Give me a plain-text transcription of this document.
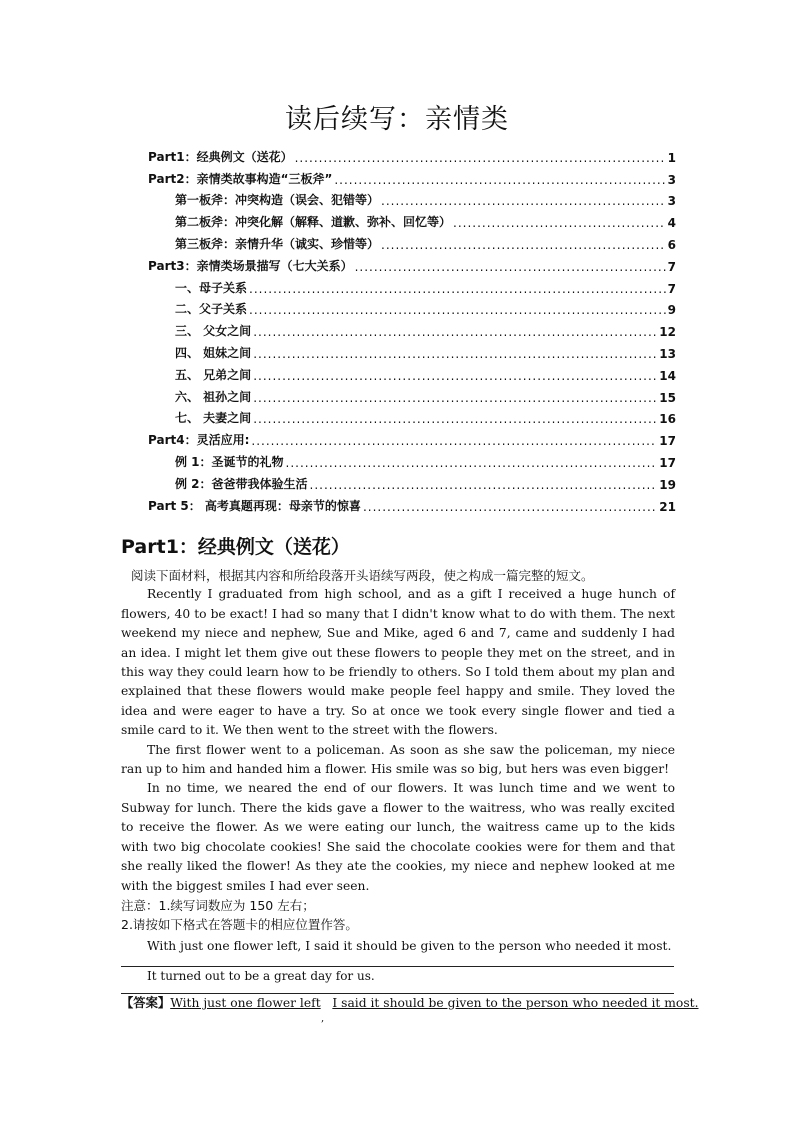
读后续写：亲情类
Part1：经典例文（送花） .....	1
Part2：亲情类故事构造“三板斧” .....	3
第一板斧：冲突构造（误会、犯错等） .....	3
第二板斧：冲突化解（解释、道歉、弥补、回忆等） .....	4
第三板斧：亲情升华（诚实、珍惜等） .....	6
Part3：亲情类场景描写（七大关系） .....	7
一、母子关系 .....	7
二、父子关系 .....	9
三、 父女之间 .....	12
四、 姐妹之间 .....	13
五、 兄弟之间 .....	14
六、 祖孙之间 .....	15
七、 夫妻之间 .....	16
Part4：灵活应用: .....	17
例 1：圣诞节的礼物 .....	17
例 2：爸爸带我体验生活 .....	19
Part 5： 高考真题再现：母亲节的惊喜 .....	21
Part1：经典例文（送花）

阅读下面材料，根据其内容和所给段落开头语续写两段，使之构成一篇完整的短文。

Recently I graduated from high school, and as a gift I received a huge hunch of flowers, 40 to be exact! I had so many that I didn't know what to do with them. The next weekend my niece and nephew, Sue and Mike, aged 6 and 7, came and suddenly I had an idea. I might let them give out these flowers to people they met on the street, and in this way they could learn how to be friendly to others. So I told them about my plan and explained that these flowers would make people feel happy and smile. They loved the idea and were eager to have a try. So at once we took every single flower and tied a smile card to it. We then went to the street with the flowers.

The first flower went to a policeman. As soon as she saw the policeman, my niece ran up to him and handed him a flower. His smile was so big, but hers was even bigger!

In no time, we neared the end of our flowers. It was lunch time and we went to Subway for lunch. There the kids gave a flower to the waitress, who was really excited to receive the flower. As we were eating our lunch, the waitress came up to the kids with two big chocolate cookies! She said the chocolate cookies were for them and that she really liked the flower! As they ate the cookies, my niece and nephew looked at me with the biggest smiles I had ever seen.

注意：1.续写词数应为 150 左右；

2.请按如下格式在答题卡的相应位置作答。

With just one flower left, I said it should be given to the person who needed it most.

It turned out to be a great day for us.

【答案】With just one flower left I said it should be given to the person who needed it most.

,
